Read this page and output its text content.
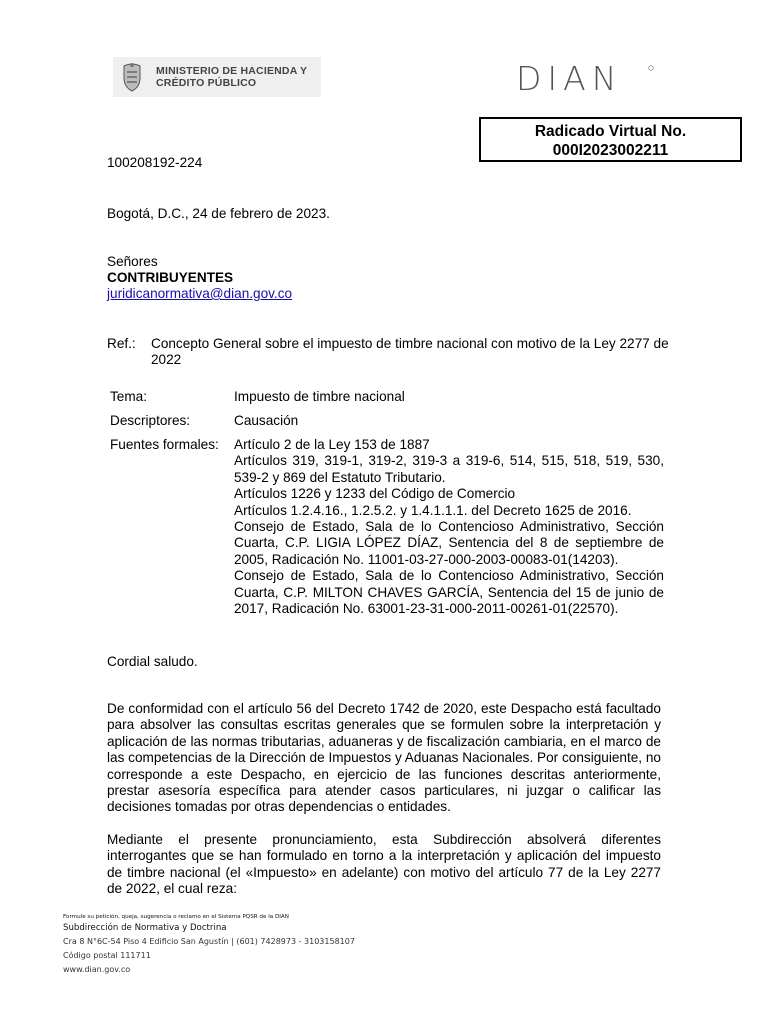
MINISTERIO DE HACIENDA Y
CRÉDITO PÚBLICO	DIAN
Radicado Virtual No.
000I2023002211
100208192-224
Bogotá, D.C., 24 de febrero de 2023.
Señores
CONTRIBUYENTES
juridicanormativa@dian.gov.co
Ref.: Concepto General sobre el impuesto de timbre nacional con motivo de la Ley 2277 de 2022
Tema:	Impuesto de timbre nacional
Descriptores:	Causación
Fuentes formales: Artículo 2 de la Ley 153 de 1887
Artículos 319, 319-1, 319-2, 319-3 a 319-6, 514, 515, 518, 519, 530, 539-2 y 869 del Estatuto Tributario.
Artículos 1226 y 1233 del Código de Comercio
Artículos 1.2.4.16., 1.2.5.2. y 1.4.1.1.1. del Decreto 1625 de 2016.
Consejo de Estado, Sala de lo Contencioso Administrativo, Sección Cuarta, C.P. LIGIA LÓPEZ DÍAZ, Sentencia del 8 de septiembre de 2005, Radicación No. 11001-03-27-000-2003-00083-01(14203).
Consejo de Estado, Sala de lo Contencioso Administrativo, Sección Cuarta, C.P. MILTON CHAVES GARCÍA, Sentencia del 15 de junio de 2017, Radicación No. 63001-23-31-000-2011-00261-01(22570).
Cordial saludo.
De conformidad con el artículo 56 del Decreto 1742 de 2020, este Despacho está facultado para absolver las consultas escritas generales que se formulen sobre la interpretación y aplicación de las normas tributarias, aduaneras y de fiscalización cambiaria, en el marco de las competencias de la Dirección de Impuestos y Aduanas Nacionales. Por consiguiente, no corresponde a este Despacho, en ejercicio de las funciones descritas anteriormente, prestar asesoría específica para atender casos particulares, ni juzgar o calificar las decisiones tomadas por otras dependencias o entidades.
Mediante el presente pronunciamiento, esta Subdirección absolverá diferentes interrogantes que se han formulado en torno a la interpretación y aplicación del impuesto de timbre nacional (el «Impuesto» en adelante) con motivo del artículo 77 de la Ley 2277 de 2022, el cual reza:
Formule su petición, queja, sugerencia o reclamo en el Sistema PQSR de la DIAN
Subdirección de Normativa y Doctrina
Cra 8 N°6C-54 Piso 4 Edificio San Agustín | (601) 7428973 - 3103158107
Código postal 111711
www.dian.gov.co
